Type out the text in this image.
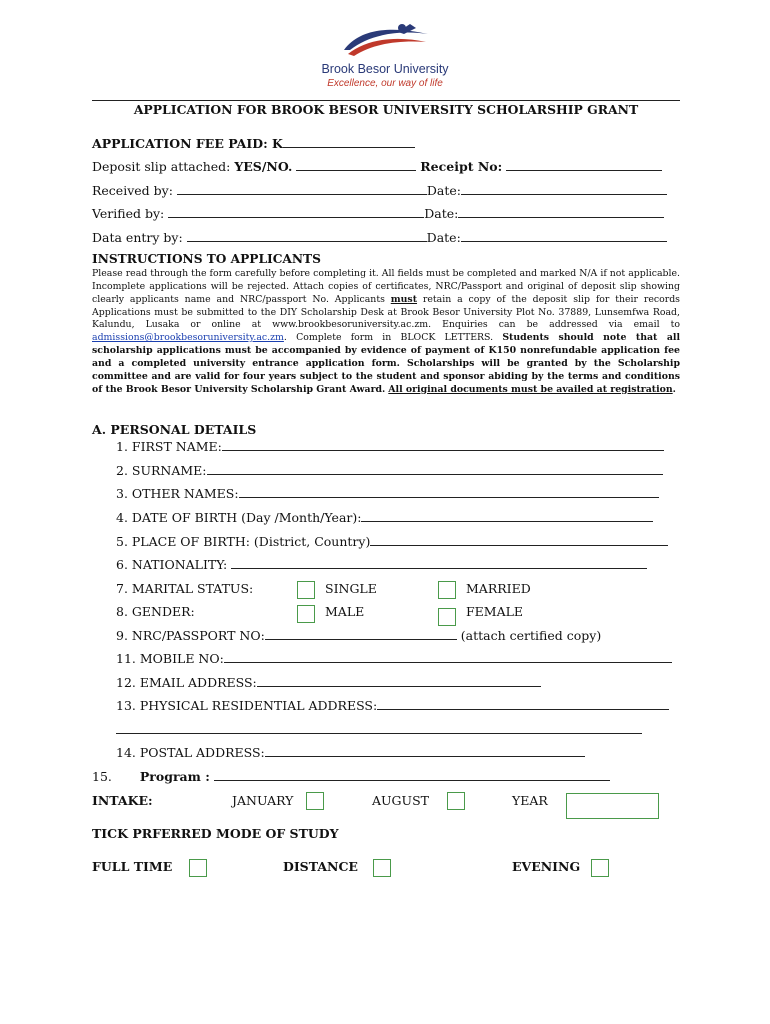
Brook Besor University
Excellence, our way of life
APPLICATION FOR BROOK BESOR UNIVERSITY SCHOLARSHIP GRANT
APPLICATION FEE PAID: K
Deposit slip attached: YES/NO.	Receipt No:
Received by:	Date:
Verified by:	Date:
Data entry by:	Date:
INSTRUCTIONS TO APPLICANTS
Please read through the form carefully before completing it. All fields must be completed and marked N/A if not applicable. Incomplete applications will be rejected. Attach copies of certificates, NRC/Passport and original of deposit slip showing clearly applicants name and NRC/passport No. Applicants must retain a copy of the deposit slip for their records Applications must be submitted to the DIY Scholarship Desk at Brook Besor University Plot No. 37889, Lunsemfwa Road, Kalundu, Lusaka or online at www.brookbesoruniversity.ac.zm. Enquiries can be addressed via email to admissions@brookbesoruniversity.ac.zm. Complete form in BLOCK LETTERS. Students should note that all scholarship applications must be accompanied by evidence of payment of K150 nonrefundable application fee and a completed university entrance application form. Scholarships will be granted by the Scholarship committee and are valid for four years subject to the student and sponsor abiding by the terms and conditions of the Brook Besor University Scholarship Grant Award. All original documents must be availed at registration.
A. PERSONAL DETAILS
1. FIRST NAME:
2. SURNAME:
3. OTHER NAMES:
4. DATE OF BIRTH (Day /Month/Year):
5. PLACE OF BIRTH: (District, Country)
6. NATIONALITY:
7. MARITAL STATUS:	SINGLE	MARRIED
8. GENDER:	MALE	FEMALE
9. NRC/PASSPORT NO:	(attach certified copy)
11. MOBILE NO:
12. EMAIL ADDRESS:
13. PHYSICAL RESIDENTIAL ADDRESS:
14. POSTAL ADDRESS:
15. Program :
INTAKE:	JANUARY	AUGUST	YEAR
TICK PRFERRED MODE OF STUDY
FULL TIME	DISTANCE	EVENING
